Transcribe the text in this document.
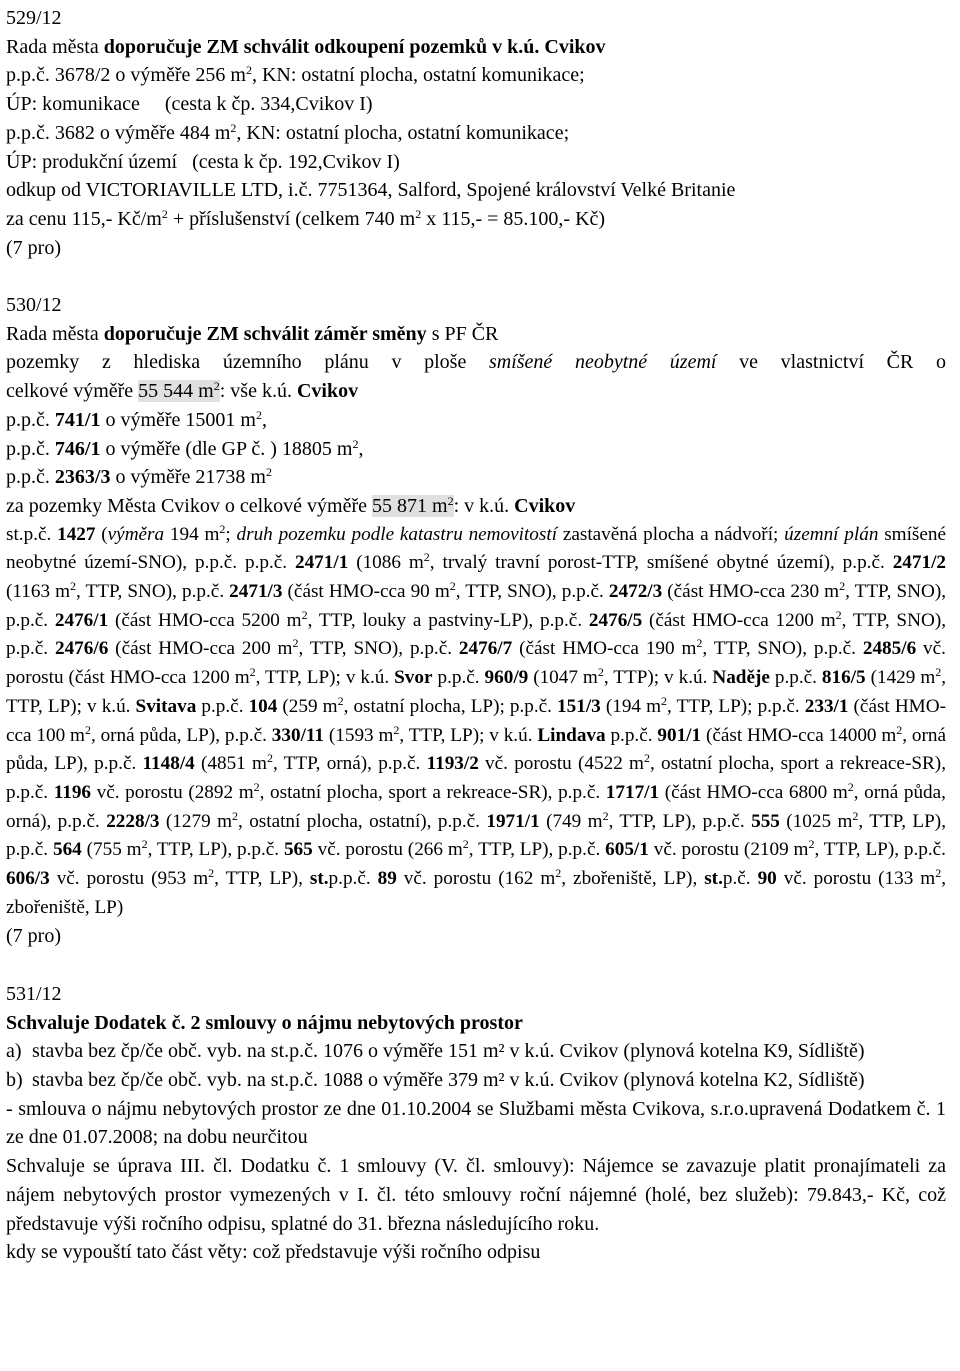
529/12

Rada města doporučuje ZM schválit odkoupení pozemků v k.ú. Cvikov

p.p.č. 3678/2 o výměře 256 $m^2$, KN: ostatní plocha, ostatní komunikace;

ÚP: komunikace     (cesta k čp. 334,Cvikov I)

p.p.č. 3682 o výměře 484 $m^2$, KN: ostatní plocha, ostatní komunikace;

ÚP: produkční území   (cesta k čp. 192,Cvikov I)

odkup od VICTORIAVILLE LTD, i.č. 7751364, Salford, Spojené království Velké Britanie

za cenu 115,- $Kč/m^2$ + příslušenství (celkem 740 $m^2$ x 115,- = 85.100,- Kč)

(7 pro)

530/12

Rada města doporučuje ZM schválit záměr směny s PF ČR

pozemky z hlediska územního plánu v ploše smíšené neobytné území ve vlastnictví ČR o

celkové výměře 55 544 $m^2$: vše k.ú. Cvikov

p.p.č. 741/1 o výměře 15001 $m^2$,

p.p.č. 746/1 o výměře (dle GP č. ) 18805 $m^2$,

p.p.č. 2363/3 o výměře 21738 $m^2$

za pozemky Města Cvikov o celkové výměře 55 871 $m^2$: v k.ú. Cvikov

st.p.č. 1427 (výměra 194 $m^2$; druh pozemku podle katastru nemovitostí zastavěná plocha a nádvoří; územní plán smíšené neobytné území-SNO), p.p.č. p.p.č. 2471/1 (1086 $m^2$, trvalý travní porost-TTP, smíšené obytné území), p.p.č. 2471/2 (1163 $m^2$, TTP, SNO), p.p.č. 2471/3 (část HMO-cca 90 $m^2$, TTP, SNO), p.p.č. 2472/3 (část HMO-cca 230 $m^2$, TTP, SNO), p.p.č. 2476/1 (část HMO-cca 5200 $m^2$, TTP, louky a pastviny-LP), p.p.č. 2476/5 (část HMO-cca 1200 $m^2$, TTP, SNO), p.p.č. 2476/6 (část HMO-cca 200 $m^2$, TTP, SNO), p.p.č. 2476/7 (část HMO-cca 190 $m^2$, TTP, SNO), p.p.č. 2485/6 vč. porostu (část HMO-cca 1200 $m^2$, TTP, LP); v k.ú. Svor p.p.č. 960/9 (1047 $m^2$, TTP); v k.ú. Naděje p.p.č. 816/5 (1429 $m^2$, TTP, LP); v k.ú. Svitava p.p.č. 104 (259 $m^2$, ostatní plocha, LP); p.p.č. 151/3 (194 $m^2$, TTP, LP); p.p.č. 233/1 (část HMO-cca 100 $m^2$, orná půda, LP), p.p.č. 330/11 (1593 $m^2$, TTP, LP); v k.ú. Lindava p.p.č. 901/1 (část HMO-cca 14000 $m^2$, orná půda, LP), p.p.č. 1148/4 (4851 $m^2$, TTP, orná), p.p.č. 1193/2 vč. porostu (4522 $m^2$, ostatní plocha, sport a rekreace-SR), p.p.č. 1196 vč. porostu (2892 $m^2$, ostatní plocha, sport a rekreace-SR), p.p.č. 1717/1 (část HMO-cca 6800 $m^2$, orná půda, orná), p.p.č. 2228/3 (1279 $m^2$, ostatní plocha, ostatní), p.p.č. 1971/1 (749 $m^2$, TTP, LP), p.p.č. 555 (1025 $m^2$, TTP, LP), p.p.č. 564 (755 $m^2$, TTP, LP), p.p.č. 565 vč. porostu (266 $m^2$, TTP, LP), p.p.č. 605/1 vč. porostu (2109 $m^2$, TTP, LP), p.p.č. 606/3 vč. porostu (953 $m^2$, TTP, LP), st.p.p.č. 89 vč. porostu (162 $m^2$, zbořeniště, LP), st.p.č. 90 vč. porostu (133 $m^2$, zbořeniště, LP)

(7 pro)

531/12

Schvaluje Dodatek č. 2 smlouvy o nájmu nebytových prostor

a) stavba bez čp/če obč. vyb. na st.p.č. 1076 o výměře 151 m² v k.ú. Cvikov (plynová kotelna K9, Sídliště)
b) stavba bez čp/če obč. vyb. na st.p.č. 1088 o výměře 379 m² v k.ú. Cvikov (plynová kotelna K2, Sídliště)

- smlouva o nájmu nebytových prostor ze dne 01.10.2004 se Službami města Cvikova, s.r.o.upravená Dodatkem č. 1 ze dne 01.07.2008; na dobu neurčitou

Schvaluje se úprava III. čl. Dodatku č. 1 smlouvy (V. čl. smlouvy): Nájemce se zavazuje platit pronajímateli za nájem nebytových prostor vymezených v I. čl. této smlouvy roční nájemné (holé, bez služeb): 79.843,- Kč, což představuje výši ročního odpisu, splatné do 31. března následujícího roku.

kdy se vypouští tato část věty: což představuje výši ročního odpisu
